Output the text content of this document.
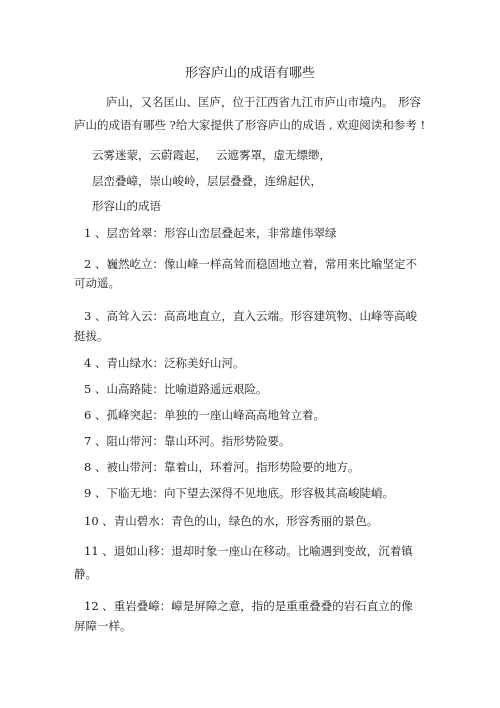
形容庐山的成语有哪些
庐山，又名匡山、匡庐，位于江西省九江市庐山市境内。 形容
庐山的成语有哪些 ?给大家提供了形容庐山的成语 , 欢迎阅读和参考 !
云雾迷蒙，云蔚霞起， 云遮雾罩，虚无缥缈，
层峦叠嶂，崇山峻岭，层层叠叠，连绵起伏，
形容山的成语
1 、层峦耸翠：形容山峦层叠起来，非常雄伟翠绿
2 、巍然屹立：像山峰一样高耸而稳固地立着，常用来比喻坚定不
可动遥。
3 、高耸入云：高高地直立，直入云端。形容建筑物、山峰等高峻
挺拔。
4 、青山绿水：泛称美好山河。
5 、山高路陡：比喻道路遥远艰险。
6 、孤峰突起：单独的一座山峰高高地耸立着。
7 、阻山带河：靠山环河。指形势险要。
8 、被山带河：靠着山，环着河。指形势险要的地方。
9 、下临无地：向下望去深得不见地底。形容极其高峻陡峭。
10 、青山碧水：青色的山，绿色的水，形容秀丽的景色。
11 、退如山移：退却时象一座山在移动。比喻遇到变故，沉着镇
静。
12 、重岩叠嶂：嶂是屏障之意，指的是重重叠叠的岩石直立的像
屏障一样。
